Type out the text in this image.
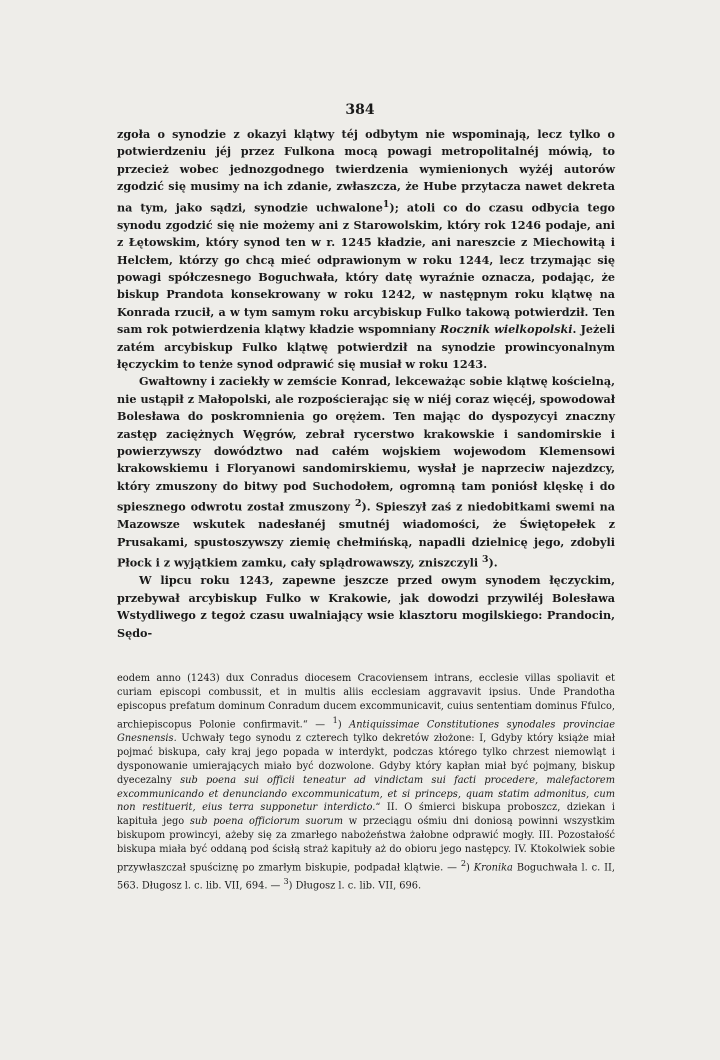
384

zgoła o synodzie z okazyi klątwy téj odbytym nie wspominają, lecz tylko o potwierdzeniu jéj przez Fulkona mocą powagi metropolitalnéj mówią, to przecież wobec jednozgodnego twierdzenia wymienionych wyżéj autorów zgodzić się musimy na ich zdanie, zwłaszcza, że Hube przytacza nawet dekreta na tym, jako sądzi, synodzie uchwalone$^1$); atoli co do czasu odbycia tego synodu zgodzić się nie możemy ani z Starowolskim, który rok 1246 podaje, ani z Łętowskim, który synod ten w r. 1245 kładzie, ani nareszcie z Miechowitą i Helcłem, którzy go chcą mieć odprawionym w roku 1244, lecz trzymając się powagi spółczesnego Boguchwała, który datę wyraźnie oznacza, podając, że biskup Prandota konsekrowany w roku 1242, w następnym roku klątwę na Konrada rzucił, a w tym samym roku arcybiskup Fulko takową potwierdził. Ten sam rok potwierdzenia klątwy kładzie wspomniany Rocznik wielkopolski. Jeżeli zatém arcybiskup Fulko klątwę potwierdził na synodzie prowincyonalnym łęczyckim to tenże synod odprawić się musiał w roku 1243.

Gwałtowny i zaciekły w zemście Konrad, lekceważąc sobie klątwę kościelną, nie ustąpił z Małopolski, ale rozpościerając się w niéj coraz więcéj, spowodował Bolesława do poskromnienia go orężem. Ten mając do dyspozycyi znaczny zastęp zaciężnych Węgrów, zebrał rycerstwo krakowskie i sandomirskie i powierzywszy dowództwo nad całém wojskiem wojewodom Klemensowi krakowskiemu i Floryanowi sandomirskiemu, wysłał je naprzeciw najezdzcy, który zmuszony do bitwy pod Suchodołem, ogromną tam poniósł klęskę i do spiesznego odwrotu został zmuszony $^2$). Spieszył zaś z niedobitkami swemi na Mazowsze wskutek nadesłanéj smutnéj wiadomości, że Świętopełek z Prusakami, spustoszywszy ziemię chełmińską, napadli dzielnicę jego, zdobyli Płock i z wyjątkiem zamku, cały splądrowawszy, zniszczyli $^3$).

W lipcu roku 1243, zapewne jeszcze przed owym synodem łęczyckim, przebywał arcybiskup Fulko w Krakowie, jak dowodzi przywiléj Bolesława Wstydliwego z tegoż czasu uwalniający wsie klasztoru mogilskiego: Prandocin, Sędo-

eodem anno (1243) dux Conradus diocesem Cracoviensem intrans, ecclesie villas spoliavit et curiam episcopi combussit, et in multis aliis ecclesiam aggravavit ipsius. Unde Prandotha episcopus prefatum dominum Conradum ducem excommunicavit, cuius sententiam dominus Ffulco, archiepiscopus Polonie confirmavit.“ — $^1$) Antiquissimae Constitutiones synodales provinciae Gnesnensis. Uchwały tego synodu z czterech tylko dekretów złożone: I, Gdyby który książe miał pojmać biskupa, cały kraj jego popada w interdykt, podczas którego tylko chrzest niemowląt i dysponowanie umierających miało być dozwolone. Gdyby który kapłan miał być pojmany, biskup dyecezalny sub poena sui officii teneatur ad vindictam sui facti procedere, malefactorem excommunicando et denunciando excommunicatum, et si princeps, quam statim admonitus, cum non restituerit, eius terra supponetur interdicto.“ II. O śmierci biskupa proboszcz, dziekan i kapituła jego sub poena officiorum suorum w przeciągu ośmiu dni doniosą powinni wszystkim biskupom prowincyi, ażeby się za zmarłego nabożeństwa żałobne odprawić mogły. III. Pozostałość biskupa miała być oddaną pod ścisłą straż kapituły aż do obioru jego następcy. IV. Ktokolwiek sobie przywłaszczał spuściznę po zmarłym biskupie, podpadał klątwie. — $^2$) Kronika Boguchwała l. c. II, 563. Długosz l. c. lib. VII, 694. — $^3$) Długosz l. c. lib. VII, 696.
